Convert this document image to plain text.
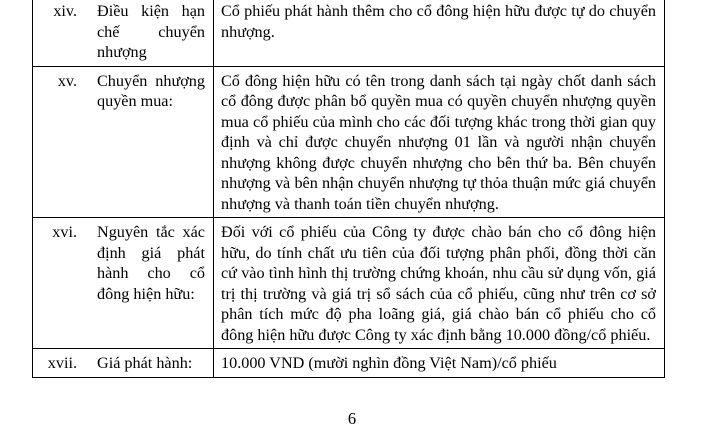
xiv.	Điều kiện hạn chế chuyển nhượng	Cổ phiếu phát hành thêm cho cổ đông hiện hữu được tự do chuyển nhượng.
xv.	Chuyển nhượng quyền mua:	Cổ đông hiện hữu có tên trong danh sách tại ngày chốt danh sách cổ đông được phân bổ quyền mua có quyền chuyển nhượng quyền mua cổ phiếu của mình cho các đối tượng khác trong thời gian quy định và chỉ được chuyển nhượng 01 lần và người nhận chuyển nhượng không được chuyển nhượng cho bên thứ ba. Bên chuyển nhượng và bên nhận chuyển nhượng tự thỏa thuận mức giá chuyển nhượng và thanh toán tiền chuyển nhượng.
xvi.	Nguyên tắc xác định giá phát hành cho cổ đông hiện hữu:	Đối với cổ phiếu của Công ty được chào bán cho cổ đông hiện hữu, do tính chất ưu tiên của đối tượng phân phối, đồng thời căn cứ vào tình hình thị trường chứng khoán, nhu cầu sử dụng vốn, giá trị thị trường và giá trị sổ sách của cổ phiếu, cũng như trên cơ sở phân tích mức độ pha loãng giá, giá chào bán cổ phiếu cho cổ đông hiện hữu được Công ty xác định bằng 10.000 đồng/cổ phiếu.
xvii.	Giá phát hành:	10.000 VND (mười nghìn đồng Việt Nam)/cổ phiếu
6
